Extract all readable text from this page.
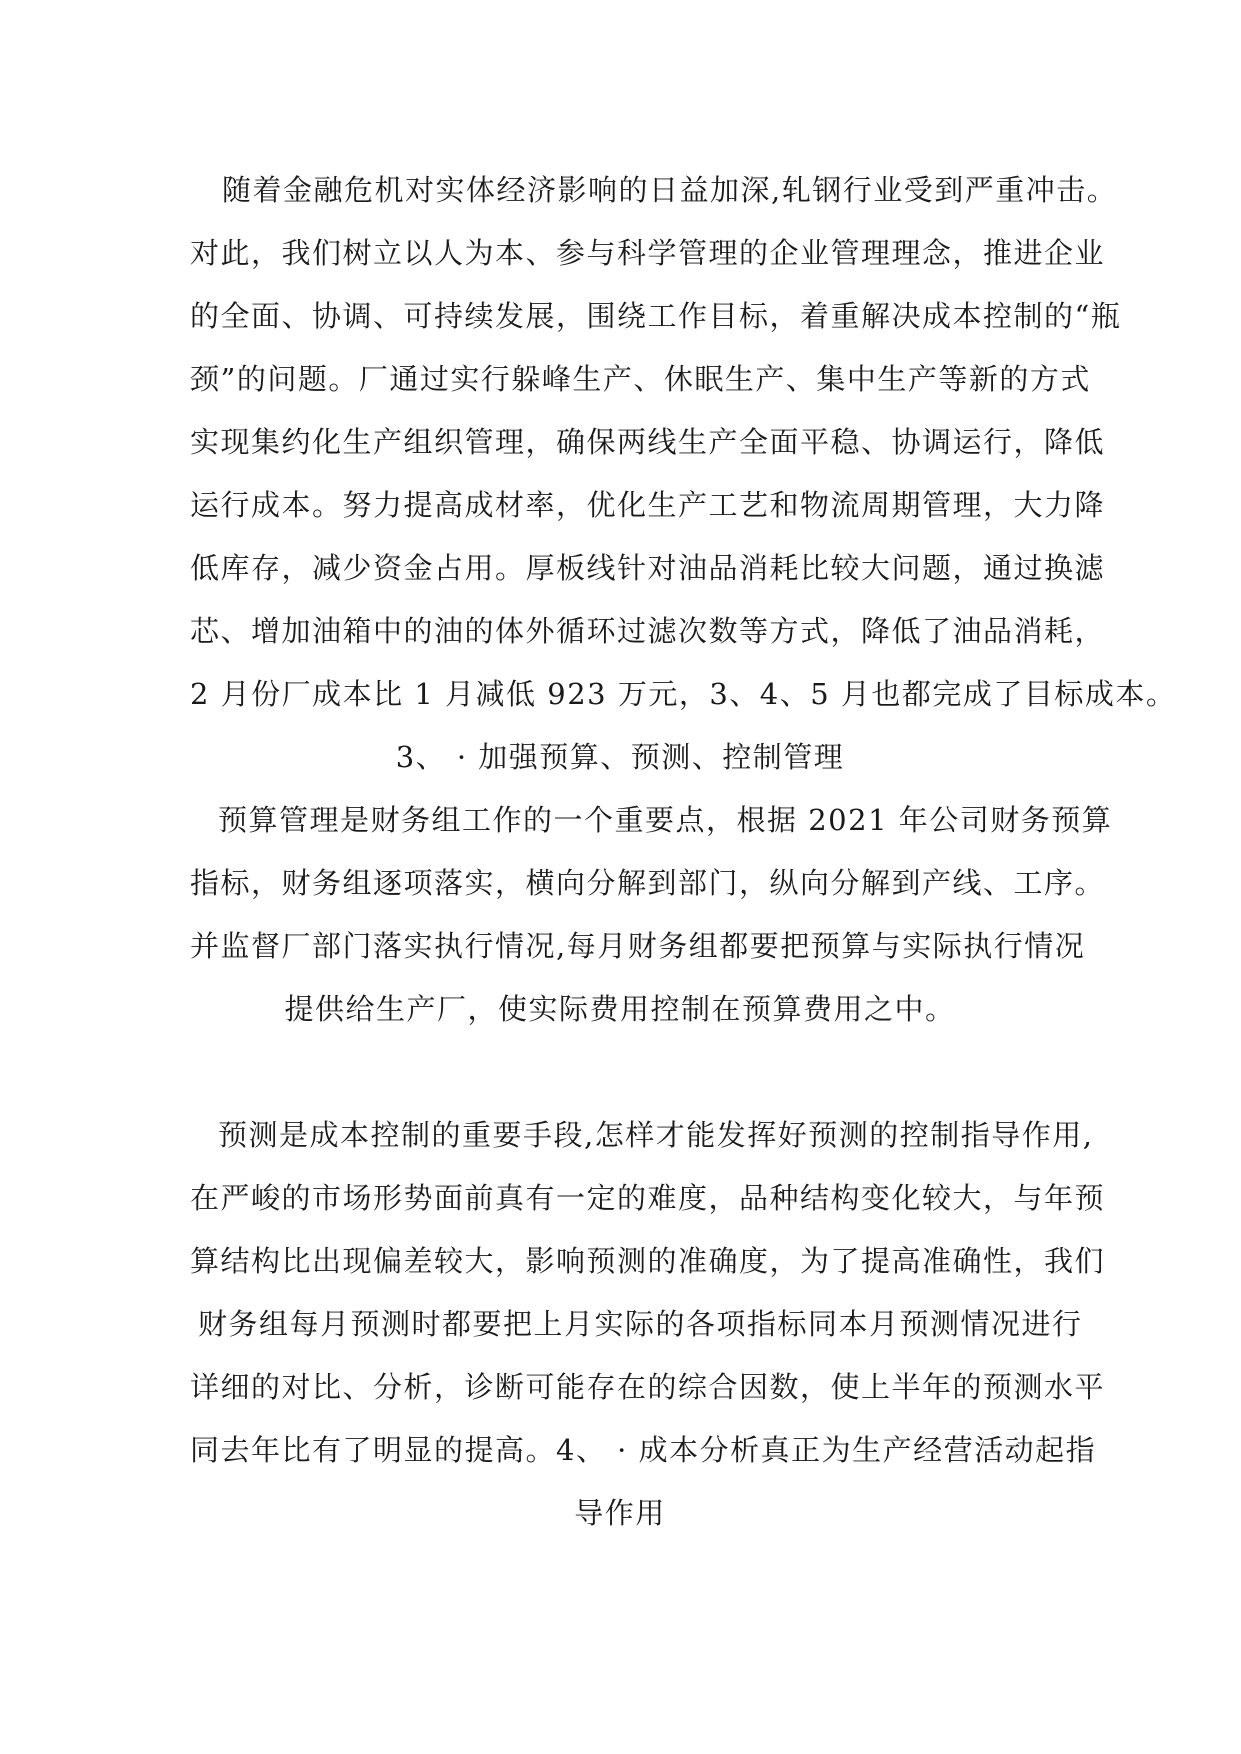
随着金融危机对实体经济影响的日益加深,轧钢行业受到严重冲击。
对此，我们树立以人为本、参与科学管理的企业管理理念，推进企业
的全面、协调、可持续发展，围绕工作目标，着重解决成本控制的“瓶
颈”的问题。厂通过实行躲峰生产、休眠生产、集中生产等新的方式
实现集约化生产组织管理，确保两线生产全面平稳、协调运行，降低
运行成本。努力提高成材率，优化生产工艺和物流周期管理，大力降
低库存，减少资金占用。厚板线针对油品消耗比较大问题，通过换滤
芯、增加油箱中的油的体外循环过滤次数等方式，降低了油品消耗，
2 月份厂成本比 1 月减低 923 万元，3、4、5 月也都完成了目标成本。
3、 · 加强预算、预测、控制管理
预算管理是财务组工作的一个重要点，根据 2021 年公司财务预算
指标，财务组逐项落实，横向分解到部门，纵向分解到产线、工序。
并监督厂部门落实执行情况,每月财务组都要把预算与实际执行情况
提供给生产厂，使实际费用控制在预算费用之中。
预测是成本控制的重要手段,怎样才能发挥好预测的控制指导作用,
在严峻的市场形势面前真有一定的难度，品种结构变化较大，与年预
算结构比出现偏差较大，影响预测的准确度，为了提高准确性，我们
财务组每月预测时都要把上月实际的各项指标同本月预测情况进行
详细的对比、分析，诊断可能存在的综合因数，使上半年的预测水平
同去年比有了明显的提高。4、 · 成本分析真正为生产经营活动起指
导作用
